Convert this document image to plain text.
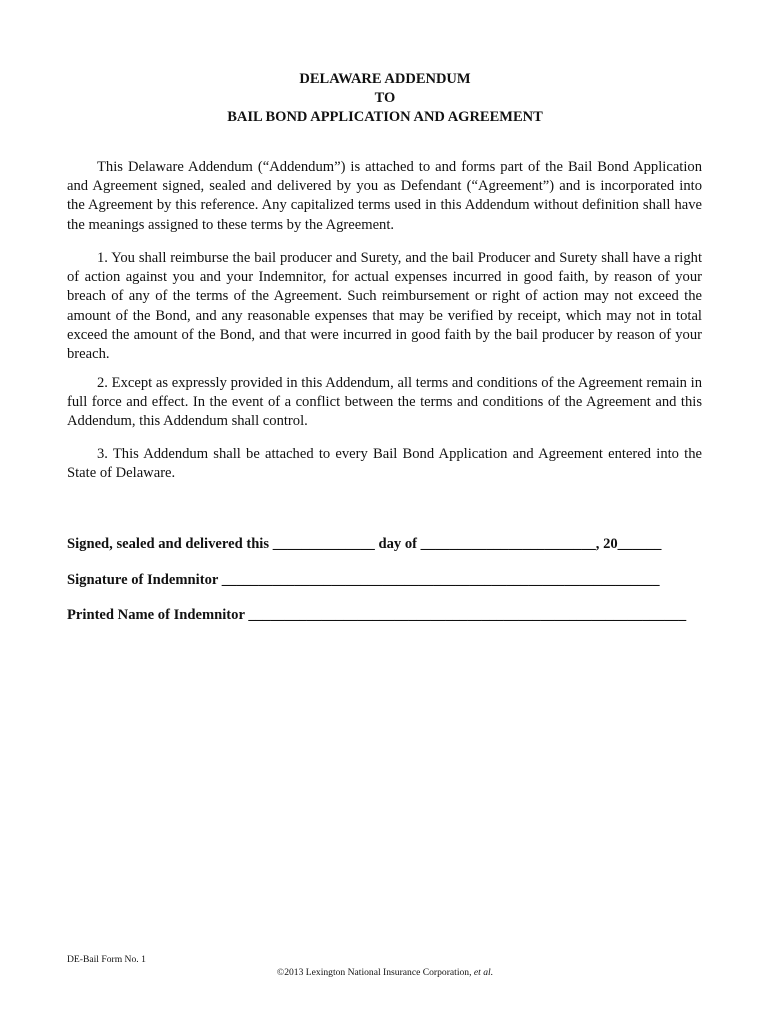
DELAWARE ADDENDUM
TO
BAIL BOND APPLICATION AND AGREEMENT
This Delaware Addendum (“Addendum”) is attached to and forms part of the Bail Bond Application and Agreement signed, sealed and delivered by you as Defendant (“Agreement”) and is incorporated into the Agreement by this reference. Any capitalized terms used in this Addendum without definition shall have the meanings assigned to these terms by the Agreement.
1. You shall reimburse the bail producer and Surety, and the bail Producer and Surety shall have a right of action against you and your Indemnitor, for actual expenses incurred in good faith, by reason of your breach of any of the terms of the Agreement. Such reimbursement or right of action may not exceed the amount of the Bond, and any reasonable expenses that may be verified by receipt, which may not in total exceed the amount of the Bond, and that were incurred in good faith by the bail producer by reason of your breach.
2. Except as expressly provided in this Addendum, all terms and conditions of the Agreement remain in full force and effect. In the event of a conflict between the terms and conditions of the Agreement and this Addendum, this Addendum shall control.
3. This Addendum shall be attached to every Bail Bond Application and Agreement entered into the State of Delaware.
Signed, sealed and delivered this ______________ day of ________________________, 20______
Signature of Indemnitor ____________________________________________________________
Printed Name of Indemnitor ____________________________________________________________
DE-Bail Form No. 1
©2013 Lexington National Insurance Corporation, et al.
